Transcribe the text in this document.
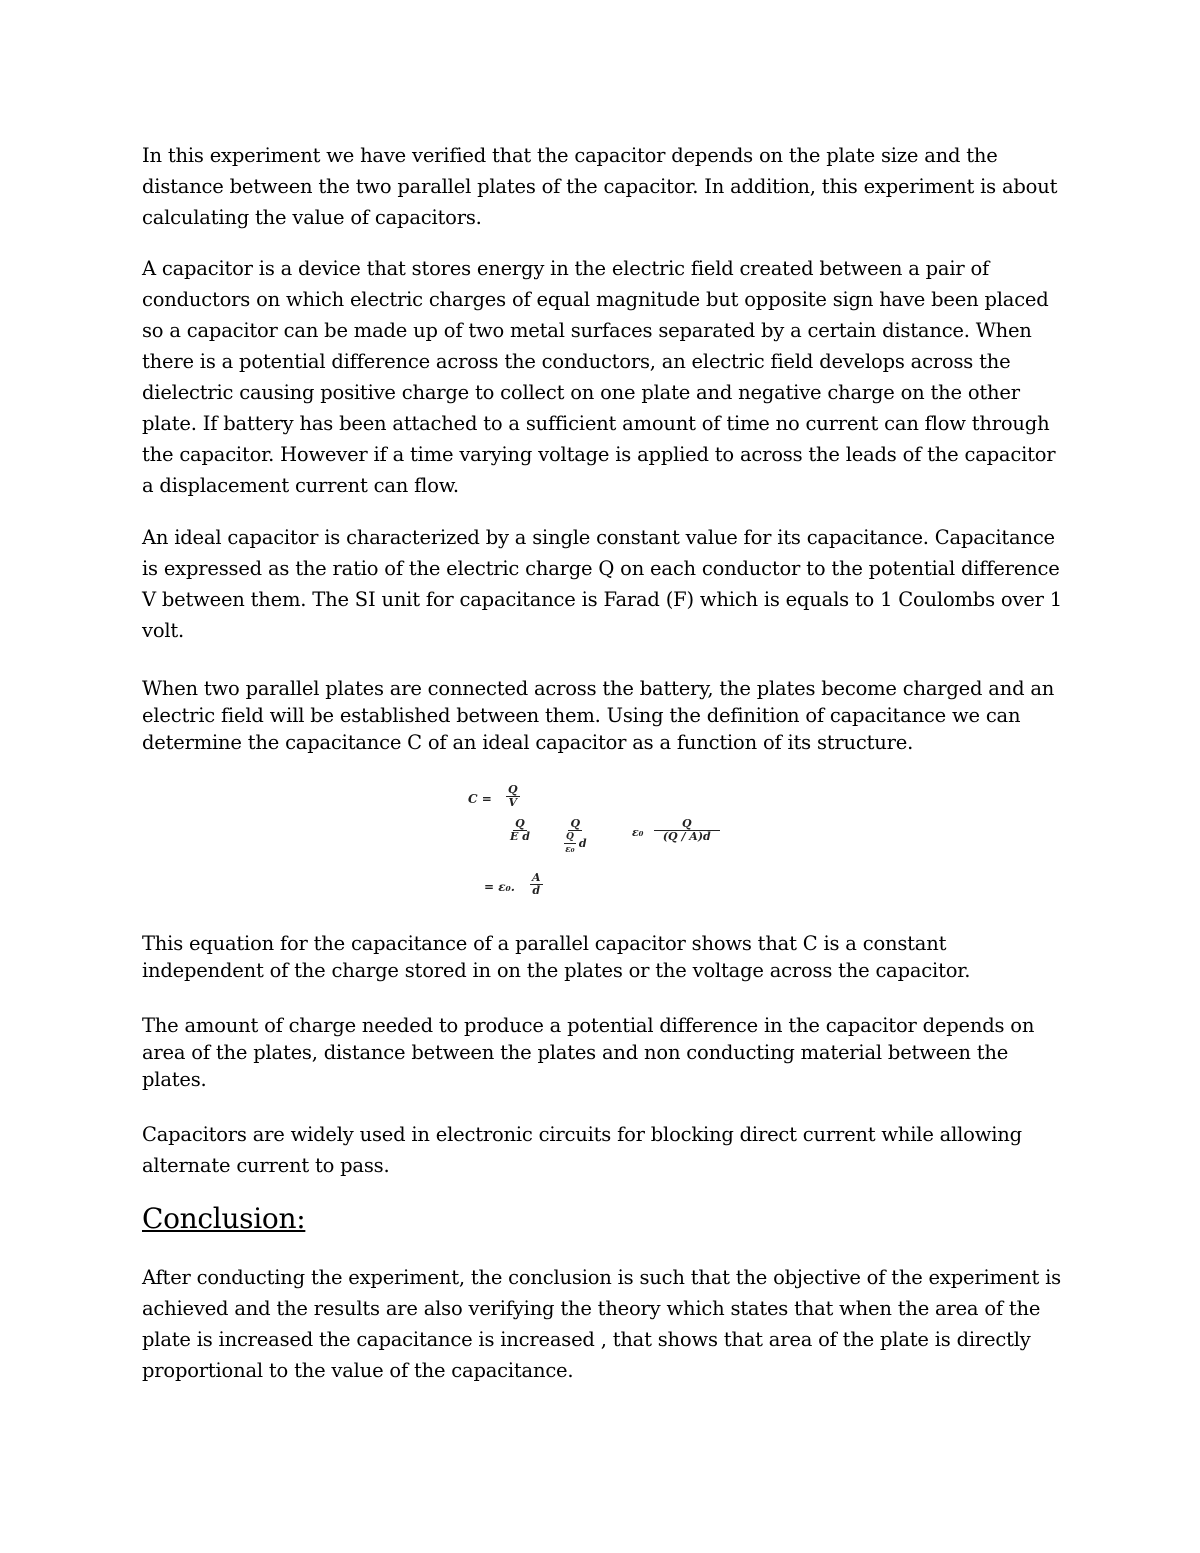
In this experiment we have verified that the capacitor depends on the plate size and the distance between the two parallel plates of the capacitor. In addition, this experiment is about calculating the value of capacitors.

A capacitor is a device that stores energy in the electric field created between a pair of conductors on which electric charges of equal magnitude but opposite sign have been placed so a capacitor can be made up of two metal surfaces separated by a certain distance. When there is a potential difference across the conductors, an electric field develops across the dielectric causing positive charge to collect on one plate and negative charge on the other plate. If battery has been attached to a sufficient amount of time no current can flow through the capacitor. However if a time varying voltage is applied to across the leads of the capacitor a displacement current can flow.

An ideal capacitor is characterized by a single constant value for its capacitance. Capacitance is expressed as the ratio of the electric charge Q on each conductor to the potential difference V between them. The SI unit for capacitance is Farad (F) which is equals to 1 Coulombs over 1 volt.

When two parallel plates are connected across the battery, the plates become charged and an electric field will be established between them. Using the definition of capacitance we can determine the capacitance C of an ideal capacitor as a function of its structure.

$C = \frac{Q}{V}$
$\frac{Q}{\text{E d}}$	Q
$\frac{Q}{\text{ε₀}}$ d
$\varepsilon_0 \frac{Q}{(Q / A)d}$
= ε₀. $\frac{A}{d}$

This equation for the capacitance of a parallel capacitor shows that C is a constant independent of the charge stored in on the plates or the voltage across the capacitor.

The amount of charge needed to produce a potential difference in the capacitor depends on area of the plates, distance between the plates and non conducting material between the plates.

Capacitors are widely used in electronic circuits for blocking direct current while allowing alternate current to pass.

Conclusion:

After conducting the experiment, the conclusion is such that the objective of the experiment is achieved and the results are also verifying the theory which states that when the area of the plate is increased the capacitance is increased , that shows that area of the plate is directly proportional to the value of the capacitance.
